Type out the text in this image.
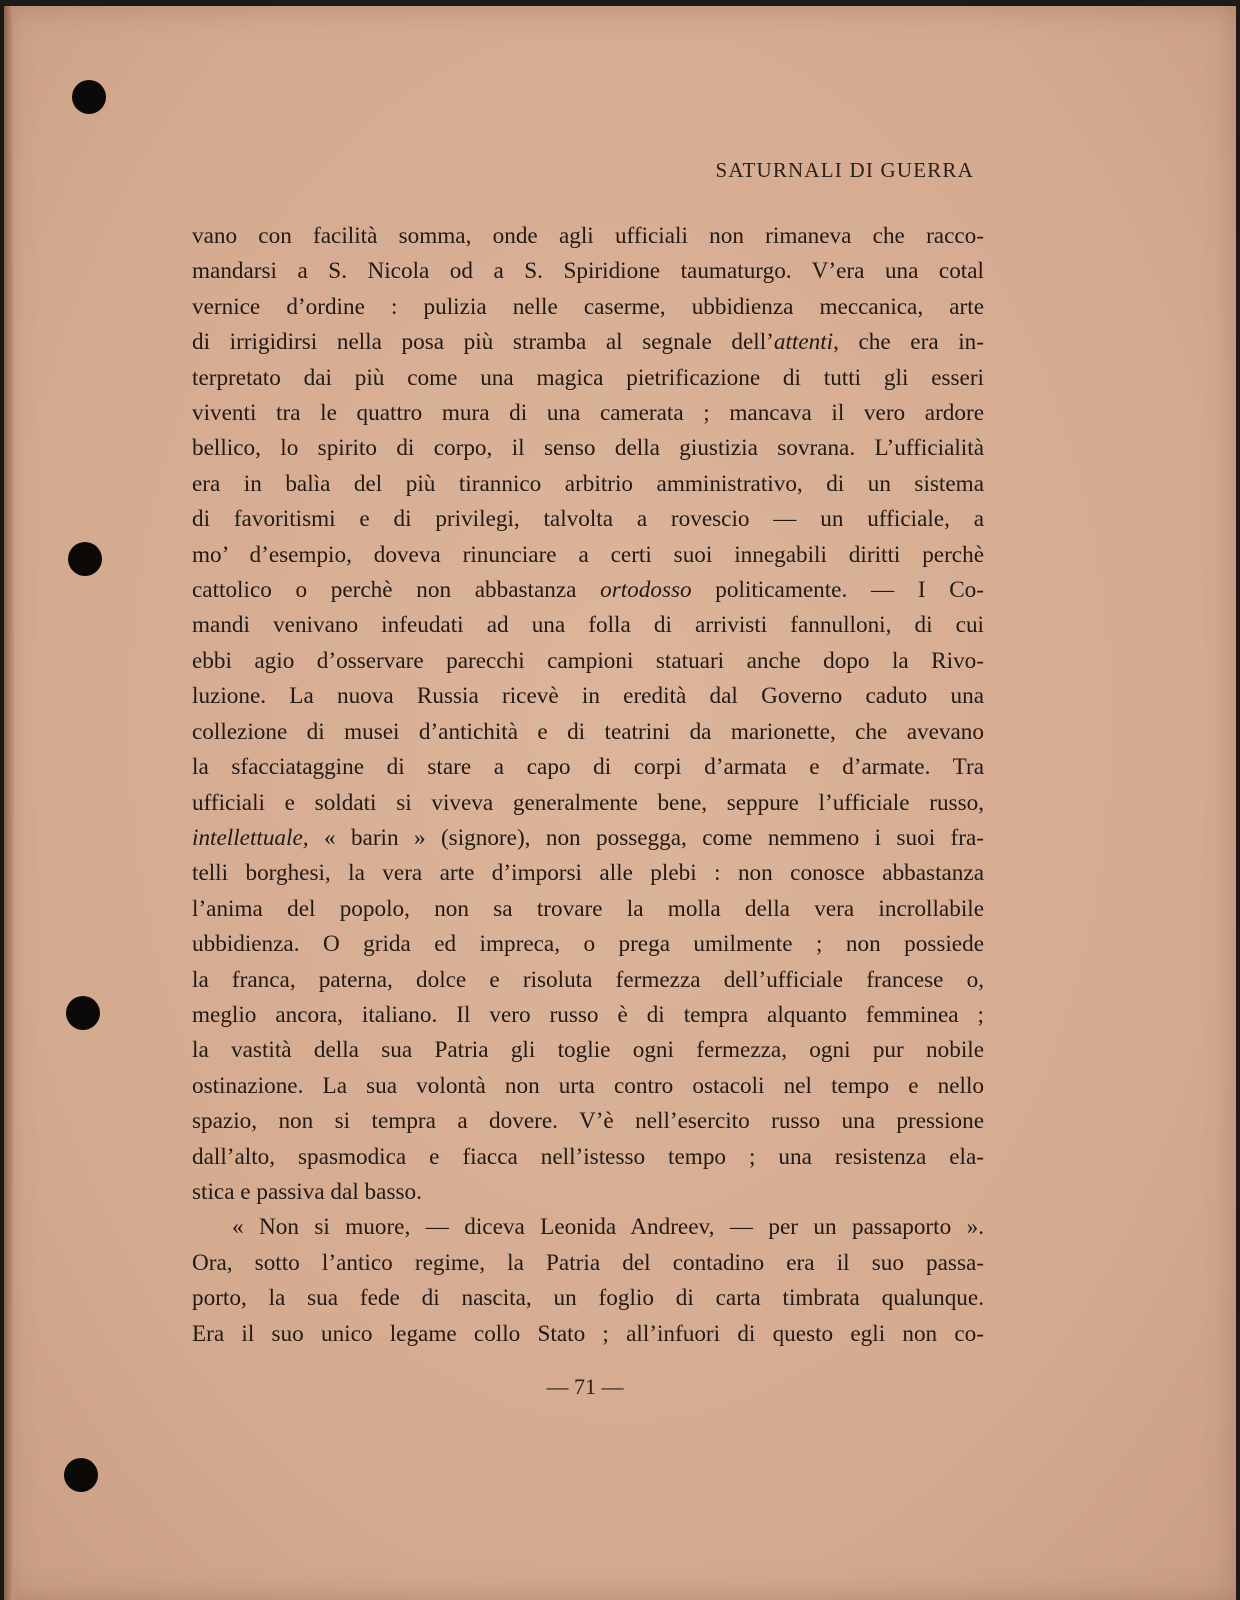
SATURNALI DI GUERRA
vano con facilità somma, onde agli ufficiali non rimaneva che racco-
mandarsi a S. Nicola od a S. Spiridione taumaturgo. V’era una cotal
vernice d’ordine : pulizia nelle caserme, ubbidienza meccanica, arte
di irrigidirsi nella posa più stramba al segnale dell’attenti, che era in-
terpretato dai più come una magica pietrificazione di tutti gli esseri
viventi tra le quattro mura di una camerata ; mancava il vero ardore
bellico, lo spirito di corpo, il senso della giustizia sovrana. L’ufficialità
era in balìa del più tirannico arbitrio amministrativo, di un sistema
di favoritismi e di privilegi, talvolta a rovescio — un ufficiale, a
mo’ d’esempio, doveva rinunciare a certi suoi innegabili diritti perchè
cattolico o perchè non abbastanza ortodosso politicamente. — I Co-
mandi venivano infeudati ad una folla di arrivisti fannulloni, di cui
ebbi agio d’osservare parecchi campioni statuari anche dopo la Rivo-
luzione. La nuova Russia ricevè in eredità dal Governo caduto una
collezione di musei d’antichità e di teatrini da marionette, che avevano
la sfacciataggine di stare a capo di corpi d’armata e d’armate. Tra
ufficiali e soldati si viveva generalmente bene, seppure l’ufficiale russo,
intellettuale, « barin » (signore), non possegga, come nemmeno i suoi fra-
telli borghesi, la vera arte d’imporsi alle plebi : non conosce abbastanza
l’anima del popolo, non sa trovare la molla della vera incrollabile
ubbidienza. O grida ed impreca, o prega umilmente ; non possiede
la franca, paterna, dolce e risoluta fermezza dell’ufficiale francese o,
meglio ancora, italiano. Il vero russo è di tempra alquanto femminea ;
la vastità della sua Patria gli toglie ogni fermezza, ogni pur nobile
ostinazione. La sua volontà non urta contro ostacoli nel tempo e nello
spazio, non si tempra a dovere. V’è nell’esercito russo una pressione
dall’alto, spasmodica e fiacca nell’istesso tempo ; una resistenza ela-
stica e passiva dal basso.
« Non si muore, — diceva Leonida Andreev, — per un passaporto ».
Ora, sotto l’antico regime, la Patria del contadino era il suo passa-
porto, la sua fede di nascita, un foglio di carta timbrata qualunque.
Era il suo unico legame collo Stato ; all’infuori di questo egli non co-
— 71 —
